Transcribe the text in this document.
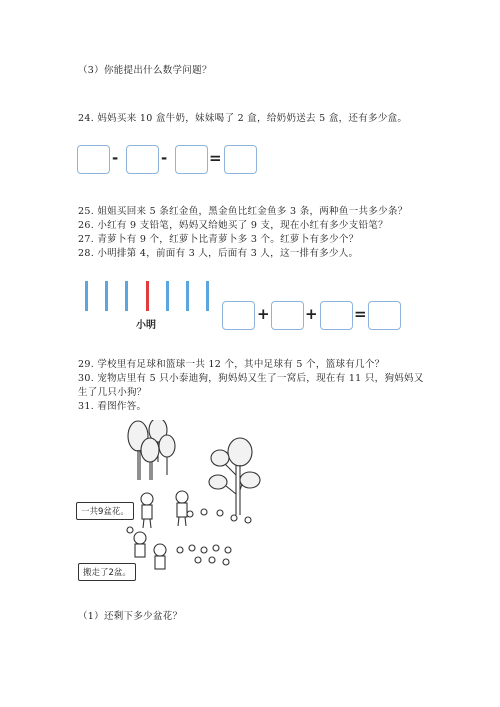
（3）你能提出什么数学问题？
24. 妈妈买来 10 盒牛奶，妹妹喝了 2 盒，给奶奶送去 5 盒，还有多少盒。
-	-	=
25. 姐姐买回来 5 条红金鱼，黑金鱼比红金鱼多 3 条，两种鱼一共多少条？
26. 小红有 9 支铅笔，妈妈又给她买了 9 支，现在小红有多少支铅笔？
27. 青萝卜有 9 个，红萝卜比青萝卜多 3 个。红萝卜有多少个？
28. 小明排第 4，前面有 3 人，后面有 3 人，这一排有多少人。
小明
+ + =
29. 学校里有足球和篮球一共 12 个，其中足球有 5 个，篮球有几个？
30. 宠物店里有 5 只小泰迪狗，狗妈妈又生了一窝后，现在有 11 只，狗妈妈又
生了几只小狗？
31. 看图作答。
一共9盆花。
搬走了2盆。
（1）还剩下多少盆花？
